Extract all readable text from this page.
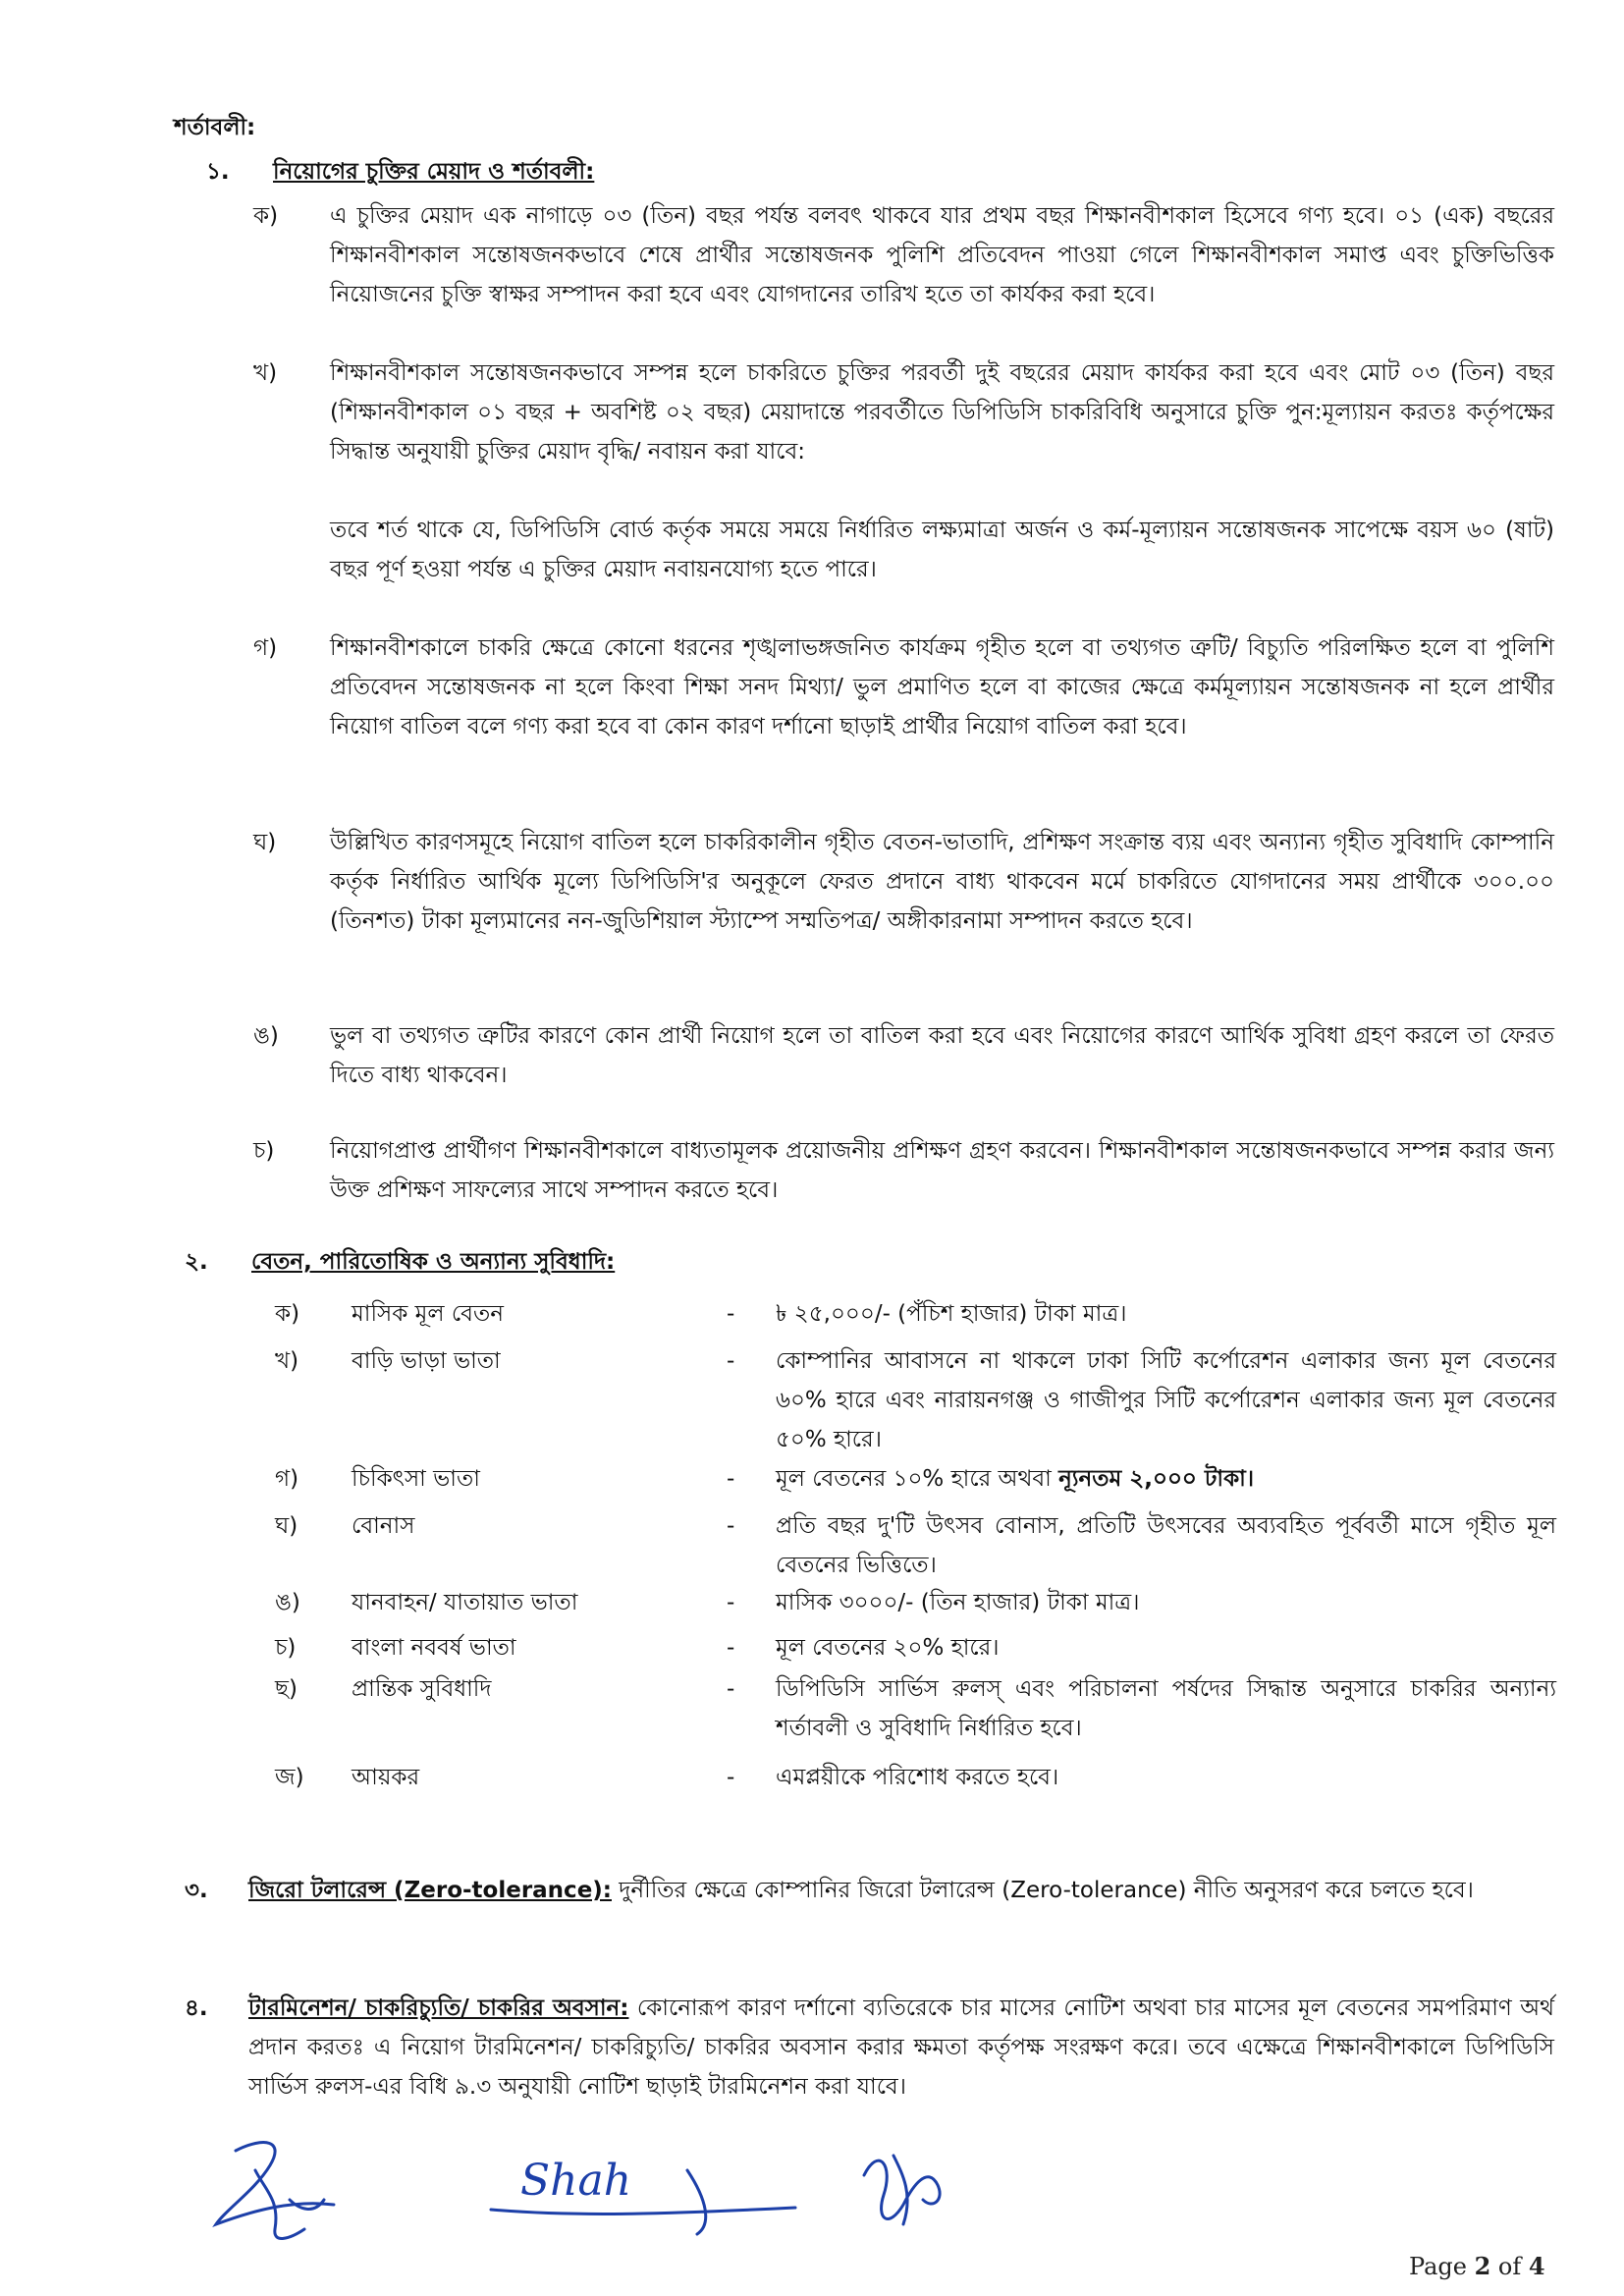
শর্তাবলী:
১. নিয়োগের চুক্তির মেয়াদ ও শর্তাবলী:
ক)	এ চুক্তির মেয়াদ এক নাগাড়ে ০৩ (তিন) বছর পর্যন্ত বলবৎ থাকবে যার প্রথম বছর শিক্ষানবীশকাল হিসেবে গণ্য হবে। ০১ (এক) বছরের শিক্ষানবীশকাল সন্তোষজনকভাবে শেষে প্রার্থীর সন্তোষজনক পুলিশি প্রতিবেদন পাওয়া গেলে শিক্ষানবীশকাল সমাপ্ত এবং চুক্তিভিত্তিক নিয়োজনের চুক্তি স্বাক্ষর সম্পাদন করা হবে এবং যোগদানের তারিখ হতে তা কার্যকর করা হবে।

খ)	শিক্ষানবীশকাল সন্তোষজনকভাবে সম্পন্ন হলে চাকরিতে চুক্তির পরবর্তী দুই বছরের মেয়াদ কার্যকর করা হবে এবং মোট ০৩ (তিন) বছর (শিক্ষানবীশকাল ০১ বছর + অবশিষ্ট ০২ বছর) মেয়াদান্তে পরবর্তীতে ডিপিডিসি চাকরিবিধি অনুসারে চুক্তি পুন:মূল্যায়ন করতঃ কর্তৃপক্ষের সিদ্ধান্ত অনুযায়ী চুক্তির মেয়াদ বৃদ্ধি/ নবায়ন করা যাবে:

তবে শর্ত থাকে যে, ডিপিডিসি বোর্ড কর্তৃক সময়ে সময়ে নির্ধারিত লক্ষ্যমাত্রা অর্জন ও কর্ম-মূল্যায়ন সন্তোষজনক সাপেক্ষে বয়স ৬০ (ষাট) বছর পূর্ণ হওয়া পর্যন্ত এ চুক্তির মেয়াদ নবায়নযোগ্য হতে পারে।

গ)	শিক্ষানবীশকালে চাকরি ক্ষেত্রে কোনো ধরনের শৃঙ্খলাভঙ্গজনিত কার্যক্রম গৃহীত হলে বা তথ্যগত ত্রুটি/ বিচ্যুতি পরিলক্ষিত হলে বা পুলিশি প্রতিবেদন সন্তোষজনক না হলে কিংবা শিক্ষা সনদ মিথ্যা/ ভুল প্রমাণিত হলে বা কাজের ক্ষেত্রে কর্মমূল্যায়ন সন্তোষজনক না হলে প্রার্থীর নিয়োগ বাতিল বলে গণ্য করা হবে বা কোন কারণ দর্শানো ছাড়াই প্রার্থীর নিয়োগ বাতিল করা হবে।

ঘ)	উল্লিখিত কারণসমূহে নিয়োগ বাতিল হলে চাকরিকালীন গৃহীত বেতন-ভাতাদি, প্রশিক্ষণ সংক্রান্ত ব্যয় এবং অন্যান্য গৃহীত সুবিধাদি কোম্পানি কর্তৃক নির্ধারিত আর্থিক মূল্যে ডিপিডিসি'র অনুকূলে ফেরত প্রদানে বাধ্য থাকবেন মর্মে চাকরিতে যোগদানের সময় প্রার্থীকে ৩০০.০০ (তিনশত) টাকা মূল্যমানের নন-জুডিশিয়াল স্ট্যাম্পে সম্মতিপত্র/ অঙ্গীকারনামা সম্পাদন করতে হবে।

ঙ)	ভুল বা তথ্যগত ত্রুটির কারণে কোন প্রার্থী নিয়োগ হলে তা বাতিল করা হবে এবং নিয়োগের কারণে আর্থিক সুবিধা গ্রহণ করলে তা ফেরত দিতে বাধ্য থাকবেন।

চ)	নিয়োগপ্রাপ্ত প্রার্থীগণ শিক্ষানবীশকালে বাধ্যতামূলক প্রয়োজনীয় প্রশিক্ষণ গ্রহণ করবেন। শিক্ষানবীশকাল সন্তোষজনকভাবে সম্পন্ন করার জন্য উক্ত প্রশিক্ষণ সাফল্যের সাথে সম্পাদন করতে হবে।

২. বেতন, পারিতোষিক ও অন্যান্য সুবিধাদি:
ক)	মাসিক মূল বেতন	-	৳ ২৫,০০০/- (পঁচিশ হাজার) টাকা মাত্র।
খ)	বাড়ি ভাড়া ভাতা	-	কোম্পানির আবাসনে না থাকলে ঢাকা সিটি কর্পোরেশন এলাকার জন্য মূল বেতনের ৬০% হারে এবং নারায়নগঞ্জ ও গাজীপুর সিটি কর্পোরেশন এলাকার জন্য মূল বেতনের ৫০% হারে।
গ)	চিকিৎসা ভাতা	-	মূল বেতনের ১০% হারে অথবা ন্যূনতম ২,০০০ টাকা।
ঘ)	বোনাস	-	প্রতি বছর দু'টি উৎসব বোনাস, প্রতিটি উৎসবের অব্যবহিত পূর্ববর্তী মাসে গৃহীত মূল বেতনের ভিত্তিতে।
ঙ)	যানবাহন/ যাতায়াত ভাতা	-	মাসিক ৩০০০/- (তিন হাজার) টাকা মাত্র।
চ)	বাংলা নববর্ষ ভাতা	-	মূল বেতনের ২০% হারে।
ছ)	প্রান্তিক সুবিধাদি	-	ডিপিডিসি সার্ভিস রুলস্ এবং পরিচালনা পর্ষদের সিদ্ধান্ত অনুসারে চাকরির অন্যান্য শর্তাবলী ও সুবিধাদি নির্ধারিত হবে।
জ)	আয়কর	-	এমপ্লয়ীকে পরিশোধ করতে হবে।
৩. জিরো টলারেন্স (Zero-tolerance): দুর্নীতির ক্ষেত্রে কোম্পানির জিরো টলারেন্স (Zero-tolerance) নীতি অনুসরণ করে চলতে হবে।
৪. টারমিনেশন/ চাকরিচ্যুতি/ চাকরির অবসান: কোনোরূপ কারণ দর্শানো ব্যতিরেকে চার মাসের নোটিশ অথবা চার মাসের মূল বেতনের সমপরিমাণ অর্থ প্রদান করতঃ এ নিয়োগ টারমিনেশন/ চাকরিচ্যুতি/ চাকরির অবসান করার ক্ষমতা কর্তৃপক্ষ সংরক্ষণ করে। তবে এক্ষেত্রে শিক্ষানবীশকালে ডিপিডিসি সার্ভিস রুলস-এর বিধি ৯.৩ অনুযায়ী নোটিশ ছাড়াই টারমিনেশন করা যাবে।
Shah
Page 2 of 4
